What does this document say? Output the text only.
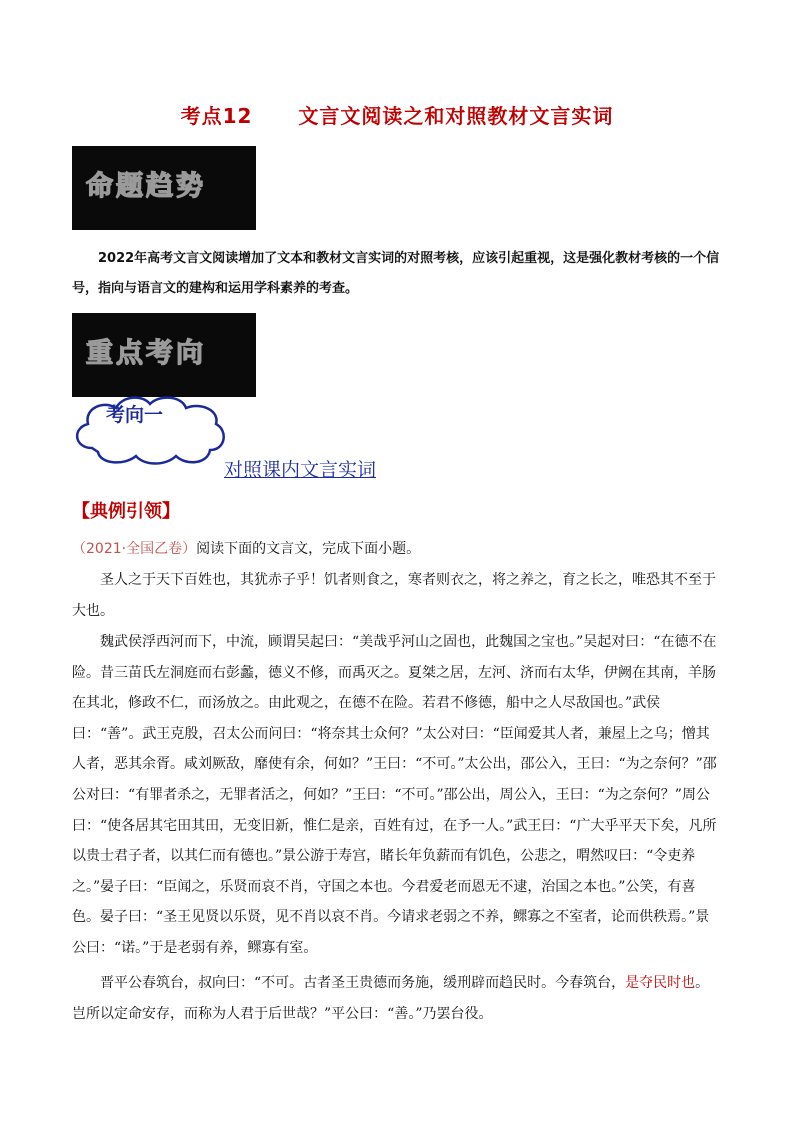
考点12 文言文阅读之和对照教材文言实词
命题趋势

2022年高考文言文阅读增加了文本和教材文言实词的对照考核，应该引起重视，这是强化教材考核的一个信号，指向与语言文的建构和运用学科素养的考查。

重点考向
考向一
对照课内文言实词
【典例引领】
（2021·全国乙卷）阅读下面的文言文，完成下面小题。

圣人之于天下百姓也，其犹赤子乎！饥者则食之，寒者则衣之，将之养之，育之长之，唯恐其不至于大也。

魏武侯浮西河而下，中流，顾谓吴起曰：“美哉乎河山之固也，此魏国之宝也。”吴起对曰：“在德不在险。昔三苗氏左洞庭而右彭蠡，德义不修，而禹灭之。夏桀之居，左河、济而右太华，伊阙在其南，羊肠在其北，修政不仁，而汤放之。由此观之，在德不在险。若君不修德，船中之人尽敌国也。”武侯曰：“善”。武王克殷，召太公而问曰：“将奈其士众何？”太公对曰：“臣闻爱其人者，兼屋上之乌；憎其人者，恶其余胥。咸刘厥敌，靡使有余，何如？”王曰：“不可。”太公出，邵公入，王曰：“为之奈何？”邵公对曰：“有罪者杀之，无罪者活之，何如？”王曰：“不可。”邵公出，周公入，王曰：“为之奈何？”周公曰：“使各居其宅田其田，无变旧新，惟仁是亲，百姓有过，在予一人。”武王曰：“广大乎平天下矣，凡所以贵士君子者，以其仁而有德也。”景公游于寿宫，睹长年负薪而有饥色，公悲之，喟然叹曰：“令吏养之。”晏子曰：“臣闻之，乐贤而哀不肖，守国之本也。今君爱老而恩无不逮，治国之本也。”公笑，有喜色。晏子曰：“圣王见贤以乐贤，见不肖以哀不肖。今请求老弱之不养，鳏寡之不室者，论而供秩焉。”景公曰：“诺。”于是老弱有养，鳏寡有室。

晋平公春筑台，叔向曰：“不可。古者圣王贵德而务施，缓刑辟而趋民时。今春筑台，是夺民时也。岂所以定命安存，而称为人君于后世哉？”平公曰：“善。”乃罢台役。
